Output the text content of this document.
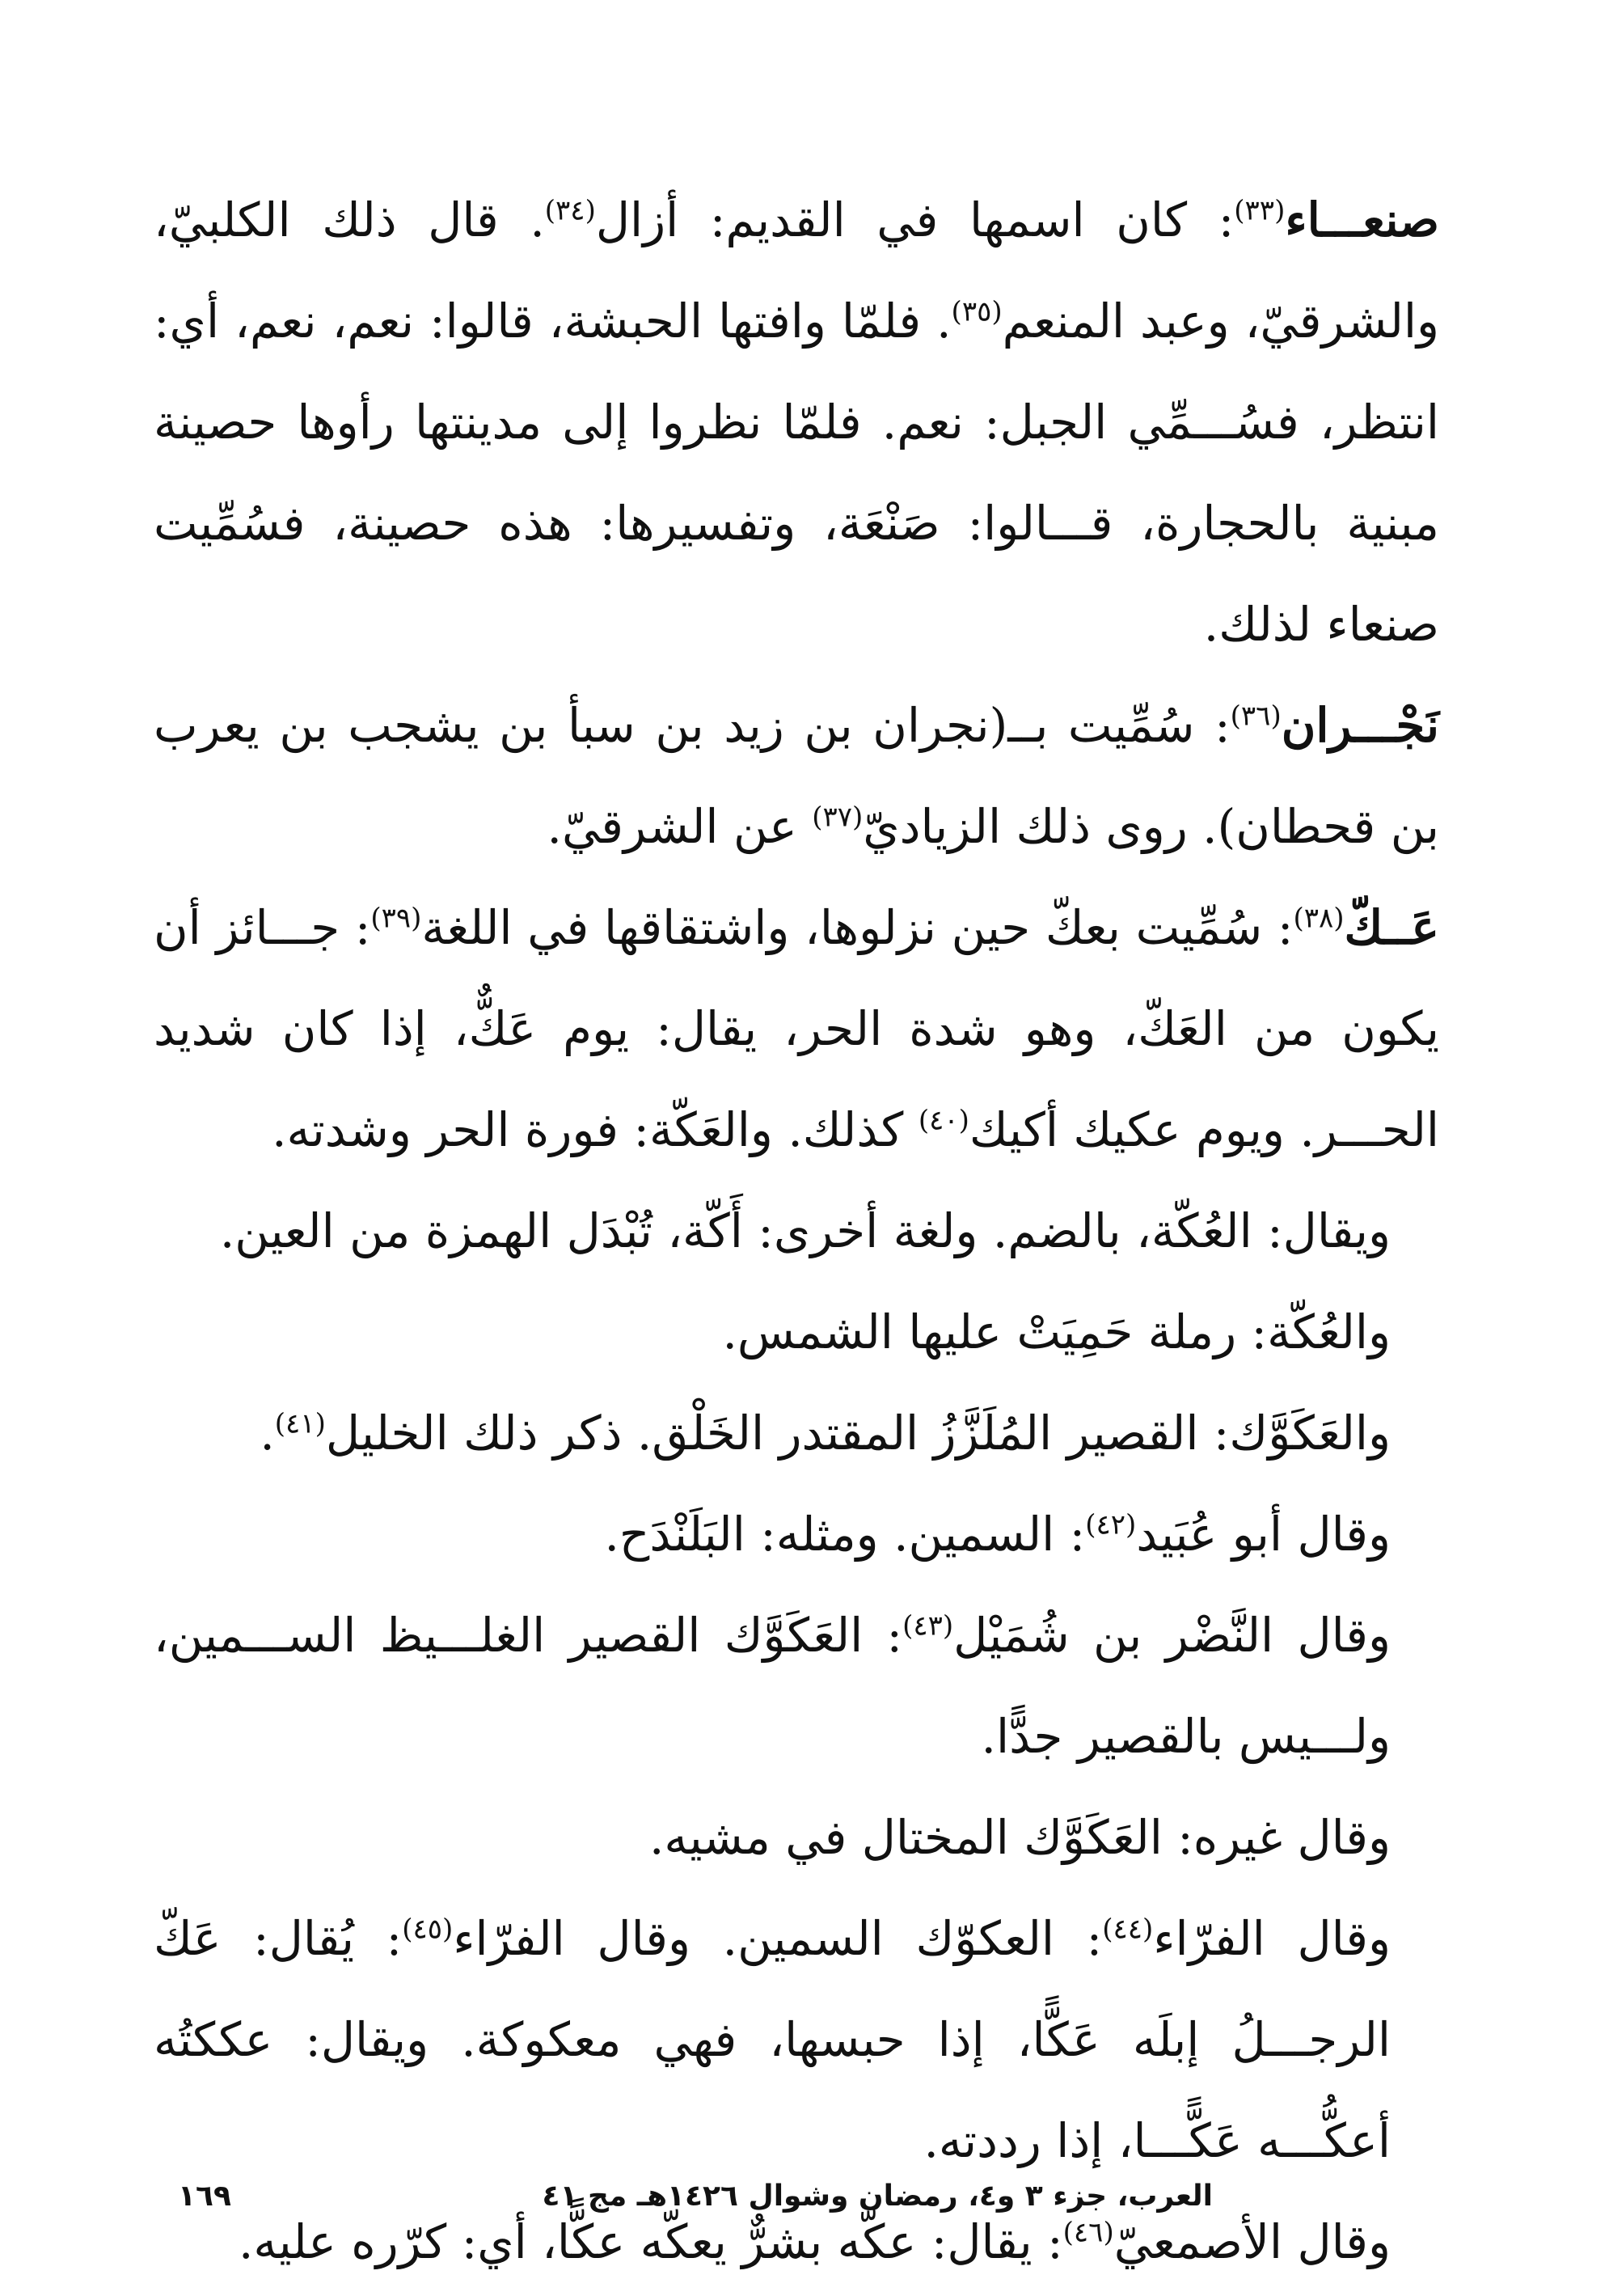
صنعـــاء$^{(٣٣)}$: كان اسمها في القديم: أزال$^{(٣٤)}$. قال ذلك الكلبيّ، والشرقيّ، وعبد المنعم$^{(٣٥)}$. فلمّا وافتها الحبشة، قالوا: نعم، نعم، أي: انتظر، فسُـــمِّي الجبل: نعم. فلمّا نظروا إلى مدينتها رأوها حصينة مبنية بالحجارة، قـــالوا: صَنْعَة، وتفسيرها: هذه حصينة، فسُمِّيت صنعاء لذلك.

نَجْـــران$^{(٣٦)}$: سُمِّيت بــ(نجران بن زيد بن سبأ بن يشجب بن يعرب بن قحطان). روى ذلك الزياديّ$^{(٣٧)}$ عن الشرقيّ.

عَــكّ$^{(٣٨)}$: سُمِّيت بعكّ حين نزلوها، واشتقاقها في اللغة$^{(٣٩)}$: جـــائز أن يكون من العَكّ، وهو شدة الحر، يقال: يوم عَكٌّ، إذا كان شديد الحـــر. ويوم عكيك أكيك$^{(٤٠)}$ كذلك. والعَكّة: فورة الحر وشدته.

ويقال: العُكّة، بالضم. ولغة أخرى: أَكّة، تُبْدَل الهمزة من العين.

والعُكّة: رملة حَمِيَتْ عليها الشمس.

والعَكَوَّك: القصير المُلَزَّزُ المقتدر الخَلْق. ذكر ذلك الخليل$^{(٤١)}$.

وقال أبو عُبَيد$^{(٤٢)}$: السمين. ومثله: البَلَنْدَح.

وقال النَّضْر بن شُمَيْل$^{(٤٣)}$: العَكَوَّك القصير الغلـــيظ الســـمين، ولـــيس بالقصير جدًّا.

وقال غيره: العَكَوَّك المختال في مشيه.

وقال الفرّاء$^{(٤٤)}$: العكوّك السمين. وقال الفرّاء$^{(٤٥)}$: يُقال: عَكّ الرجـــلُ إبلَه عَكًّا، إذا حبسها، فهي معكوكة. ويقال: عككتُه أعكُّـــه عَكًّـــا، إذا رددته.

وقال الأصمعيّ$^{(٤٦)}$: يقال: عكّه بشرٌّ يعكّه عكًّا، أي: كرّره عليه.

العرب، جزء ٣ و٤، رمضان وشوال ١٤٢٦هـ مج ٤١
١٦٩
